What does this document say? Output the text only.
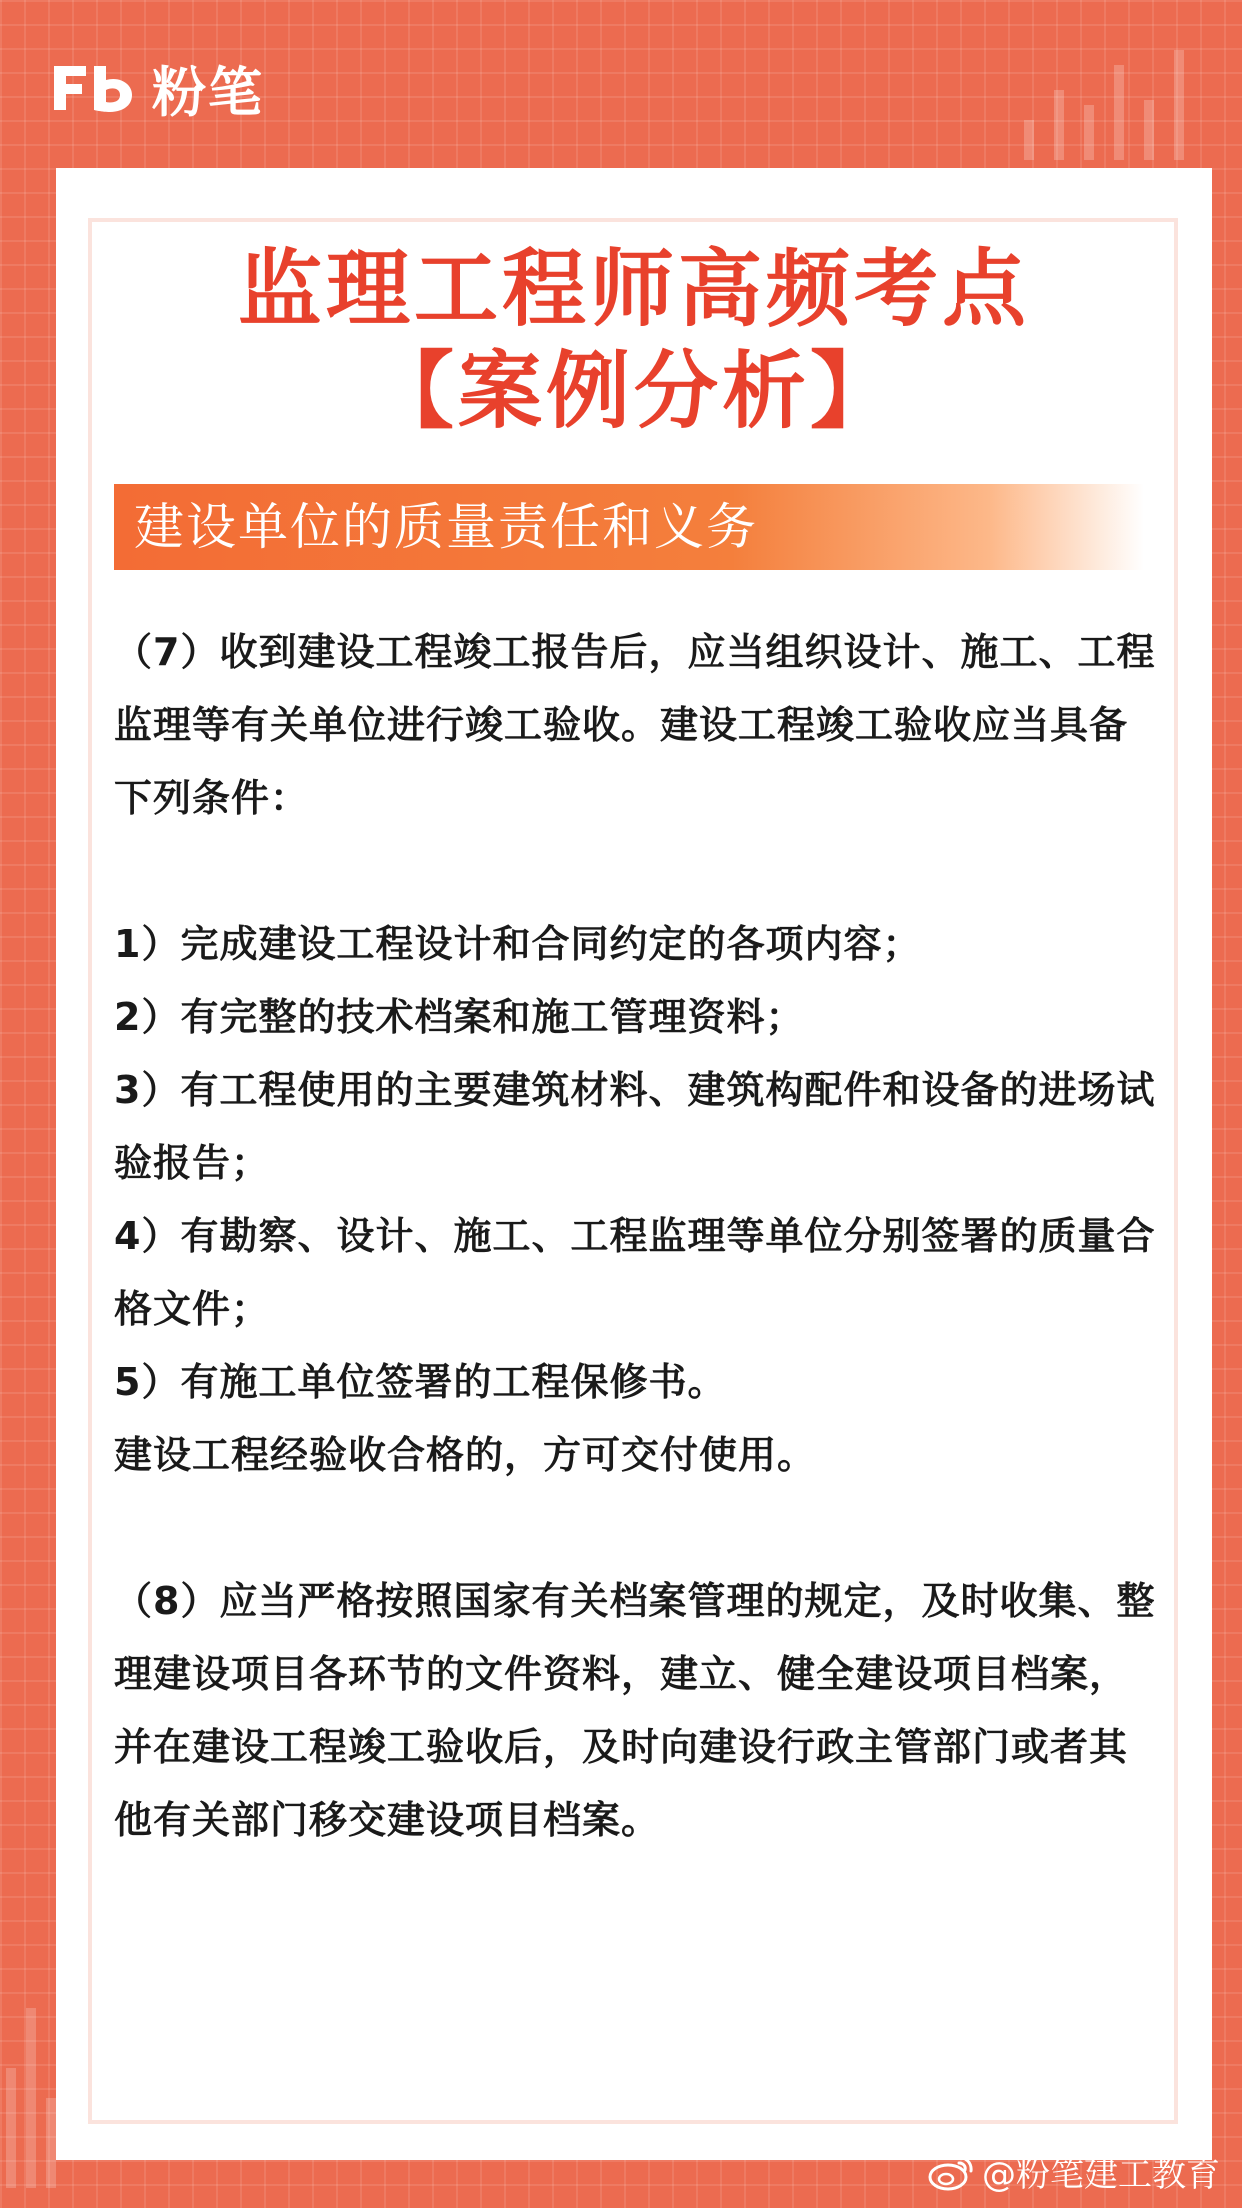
粉笔
监理工程师高频考点
【案例分析】
建设单位的质量责任和义务

（7）收到建设工程竣工报告后，应当组织设计、施工、工程监理等有关单位进行竣工验收。建设工程竣工验收应当具备下列条件：

1）完成建设工程设计和合同约定的各项内容；

2）有完整的技术档案和施工管理资料；

3）有工程使用的主要建筑材料、建筑构配件和设备的进场试验报告；

4）有勘察、设计、施工、工程监理等单位分别签署的质量合格文件；

5）有施工单位签署的工程保修书。

建设工程经验收合格的，方可交付使用。

（8）应当严格按照国家有关档案管理的规定，及时收集、整理建设项目各环节的文件资料，建立、健全建设项目档案，并在建设工程竣工验收后，及时向建设行政主管部门或者其他有关部门移交建设项目档案。

@粉笔建工教育
